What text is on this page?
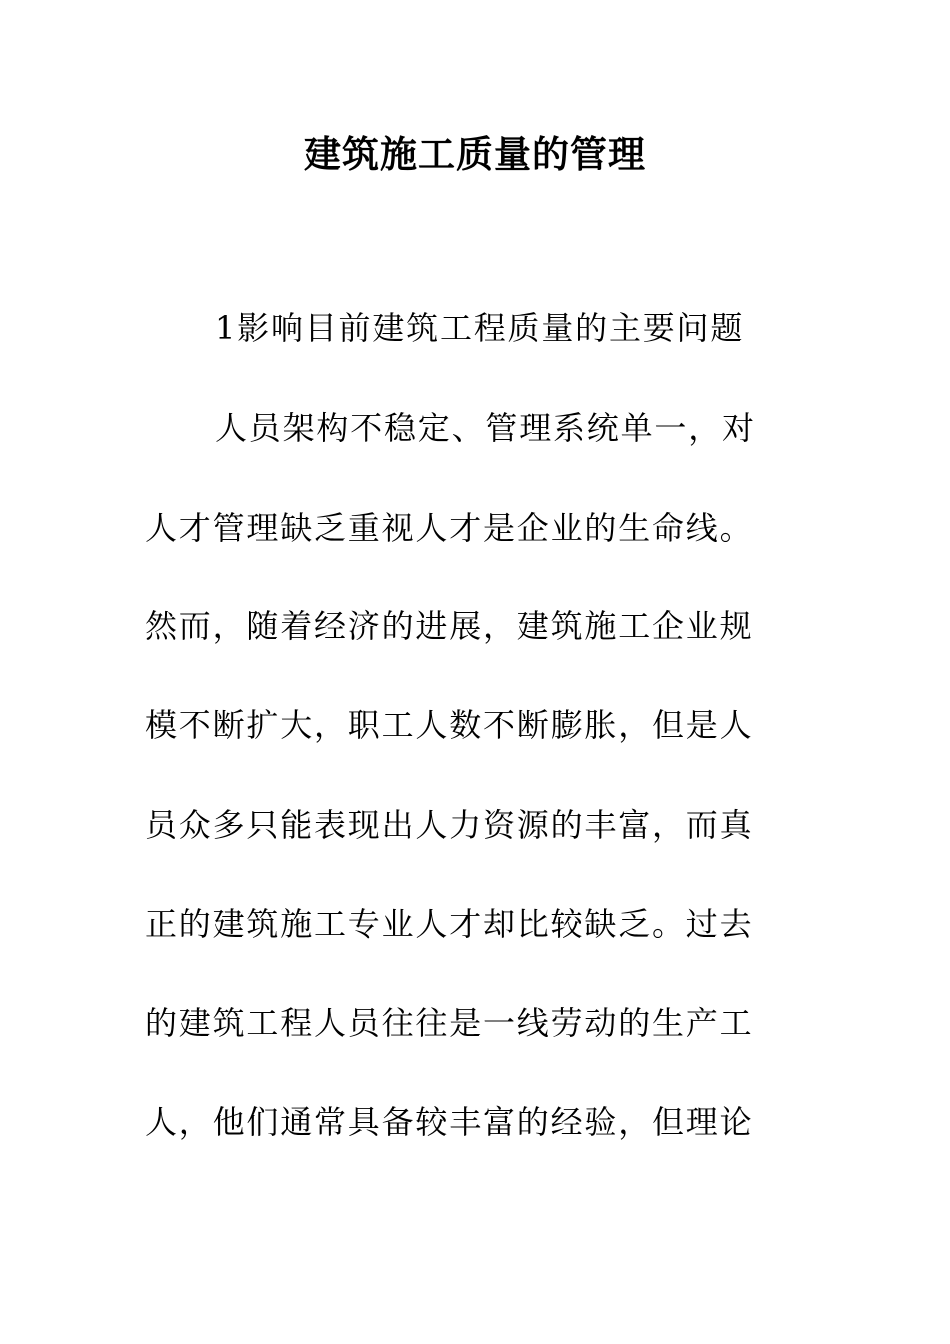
建筑施工质量的管理
1影响目前建筑工程质量的主要问题
人员架构不稳定、管理系统单一，对
人才管理缺乏重视人才是企业的生命线。
然而，随着经济的进展，建筑施工企业规
模不断扩大，职工人数不断膨胀，但是人
员众多只能表现出人力资源的丰富，而真
正的建筑施工专业人才却比较缺乏。过去
的建筑工程人员往往是一线劳动的生产工
人，他们通常具备较丰富的经验，但理论
